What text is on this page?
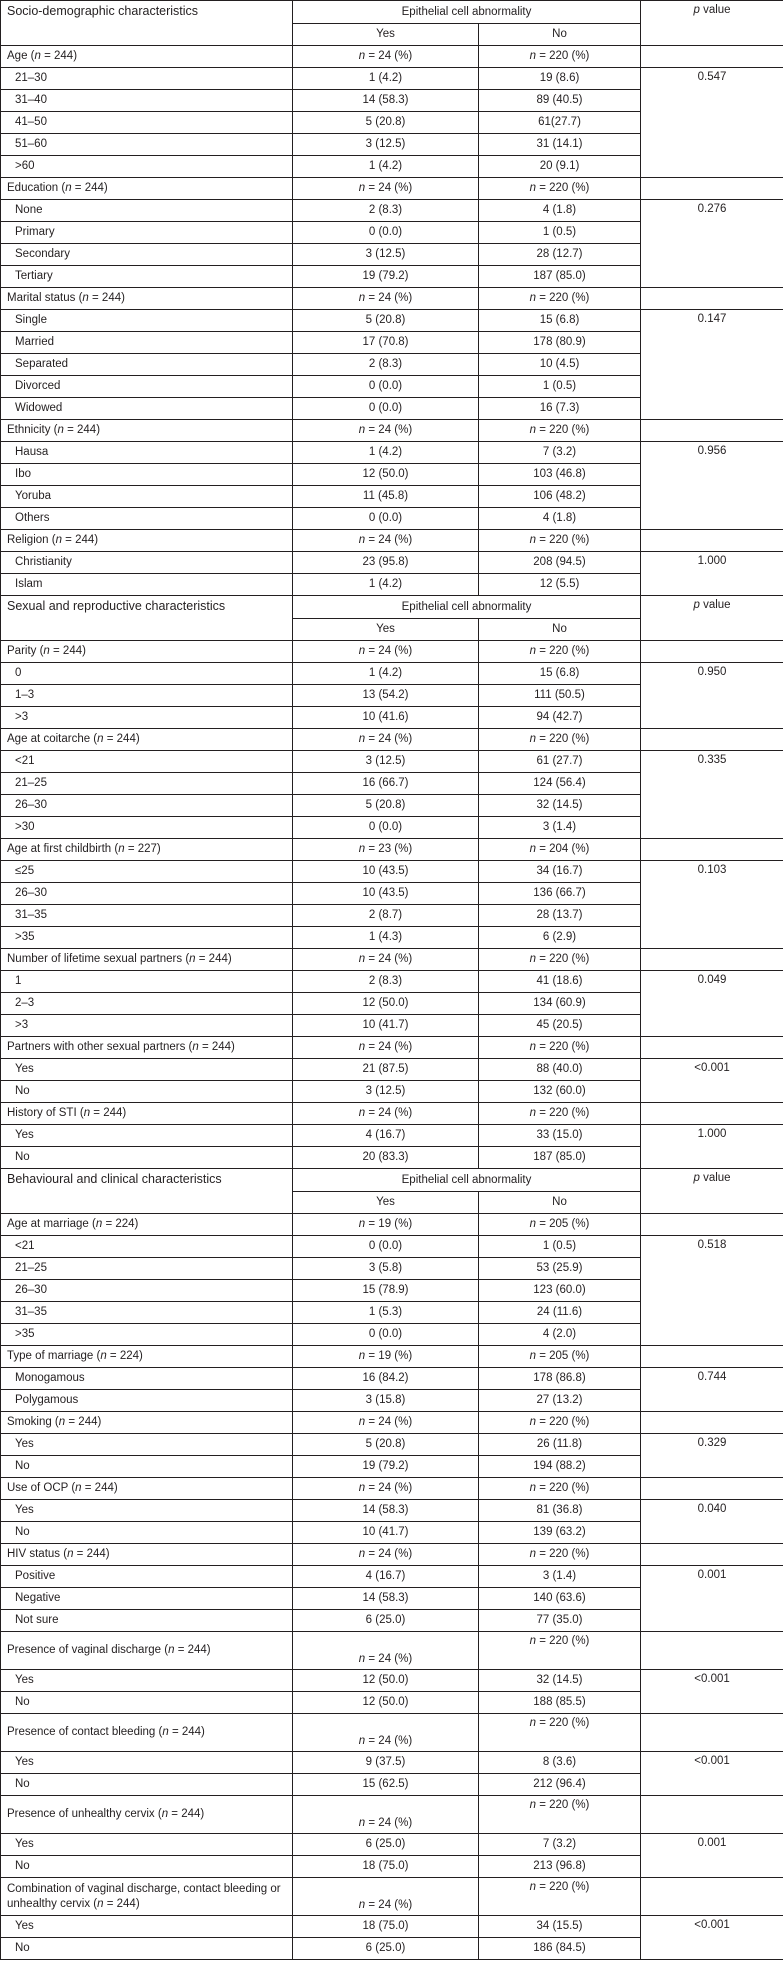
Socio-demographic characteristics	Epithelial cell abnormality		p value
	Yes	No	
Age (n = 244)	n = 24 (%)	n = 220 (%)	
21–30	1 (4.2)	19 (8.6)	0.547
31–40	14 (58.3)	89 (40.5)	
41–50	5 (20.8)	61(27.7)	
51–60	3 (12.5)	31 (14.1)	
>60	1 (4.2)	20 (9.1)	
Education (n = 244)	n = 24 (%)	n = 220 (%)	
None	2 (8.3)	4 (1.8)	0.276
Primary	0 (0.0)	1 (0.5)	
Secondary	3 (12.5)	28 (12.7)	
Tertiary	19 (79.2)	187 (85.0)	
Marital status (n = 244)	n = 24 (%)	n = 220 (%)	
Single	5 (20.8)	15 (6.8)	0.147
Married	17 (70.8)	178 (80.9)	
Separated	2 (8.3)	10 (4.5)	
Divorced	0 (0.0)	1 (0.5)	
Widowed	0 (0.0)	16 (7.3)	
Ethnicity (n = 244)	n = 24 (%)	n = 220 (%)	
Hausa	1 (4.2)	7 (3.2)	0.956
Ibo	12 (50.0)	103 (46.8)	
Yoruba	11 (45.8)	106 (48.2)	
Others	0 (0.0)	4 (1.8)	
Religion (n = 244)	n = 24 (%)	n = 220 (%)	
Christianity	23 (95.8)	208 (94.5)	1.000
Islam	1 (4.2)	12 (5.5)	
Sexual and reproductive characteristics	Epithelial cell abnormality		p value
	Yes	No	
Parity (n = 244)	n = 24 (%)	n = 220 (%)	
0	1 (4.2)	15 (6.8)	0.950
1–3	13 (54.2)	111 (50.5)	
>3	10 (41.6)	94 (42.7)	
Age at coitarche (n = 244)	n = 24 (%)	n = 220 (%)	
<21	3 (12.5)	61 (27.7)	0.335
21–25	16 (66.7)	124 (56.4)	
26–30	5 (20.8)	32 (14.5)	
>30	0 (0.0)	3 (1.4)	
Age at first childbirth (n = 227)	n = 23 (%)	n = 204 (%)	
≤25	10 (43.5)	34 (16.7)	0.103
26–30	10 (43.5)	136 (66.7)	
31–35	2 (8.7)	28 (13.7)	
>35	1 (4.3)	6 (2.9)	
Number of lifetime sexual partners (n = 244)	n = 24 (%)	n = 220 (%)	
1	2 (8.3)	41 (18.6)	0.049
2–3	12 (50.0)	134 (60.9)	
>3	10 (41.7)	45 (20.5)	
Partners with other sexual partners (n = 244)	n = 24 (%)	n = 220 (%)	
Yes	21 (87.5)	88 (40.0)	<0.001
No	3 (12.5)	132 (60.0)	
History of STI (n = 244)	n = 24 (%)	n = 220 (%)	
Yes	4 (16.7)	33 (15.0)	1.000
No	20 (83.3)	187 (85.0)	
Behavioural and clinical characteristics	Epithelial cell abnormality		p value
	Yes	No	
Age at marriage (n = 224)	n = 19 (%)	n = 205 (%)	
<21	0 (0.0)	1 (0.5)	0.518
21–25	3 (5.8)	53 (25.9)	
26–30	15 (78.9)	123 (60.0)	
31–35	1 (5.3)	24 (11.6)	
>35	0 (0.0)	4 (2.0)	
Type of marriage (n = 224)	n = 19 (%)	n = 205 (%)	
Monogamous	16 (84.2)	178 (86.8)	0.744
Polygamous	3 (15.8)	27 (13.2)	
Smoking (n = 244)	n = 24 (%)	n = 220 (%)	
Yes	5 (20.8)	26 (11.8)	0.329
No	19 (79.2)	194 (88.2)	
Use of OCP (n = 244)	n = 24 (%)	n = 220 (%)	
Yes	14 (58.3)	81 (36.8)	0.040
No	10 (41.7)	139 (63.2)	
HIV status (n = 244)	n = 24 (%)	n = 220 (%)	
Positive	4 (16.7)	3 (1.4)	0.001
Negative	14 (58.3)	140 (63.6)	
Not sure	6 (25.0)	77 (35.0)	
Presence of vaginal discharge (n = 244)	n = 24 (%)	n = 220 (%)	
Yes	12 (50.0)	32 (14.5)	<0.001
No	12 (50.0)	188 (85.5)	
Presence of contact bleeding (n = 244)	n = 24 (%)	n = 220 (%)	
Yes	9 (37.5)	8 (3.6)	<0.001
No	15 (62.5)	212 (96.4)	
Presence of unhealthy cervix (n = 244)	n = 24 (%)	n = 220 (%)	
Yes	6 (25.0)	7 (3.2)	0.001
No	18 (75.0)	213 (96.8)	
Combination of vaginal discharge, contact bleeding or unhealthy cervix (n = 244)	n = 24 (%)	n = 220 (%)	
Yes	18 (75.0)	34 (15.5)	<0.001
No	6 (25.0)	186 (84.5)	
